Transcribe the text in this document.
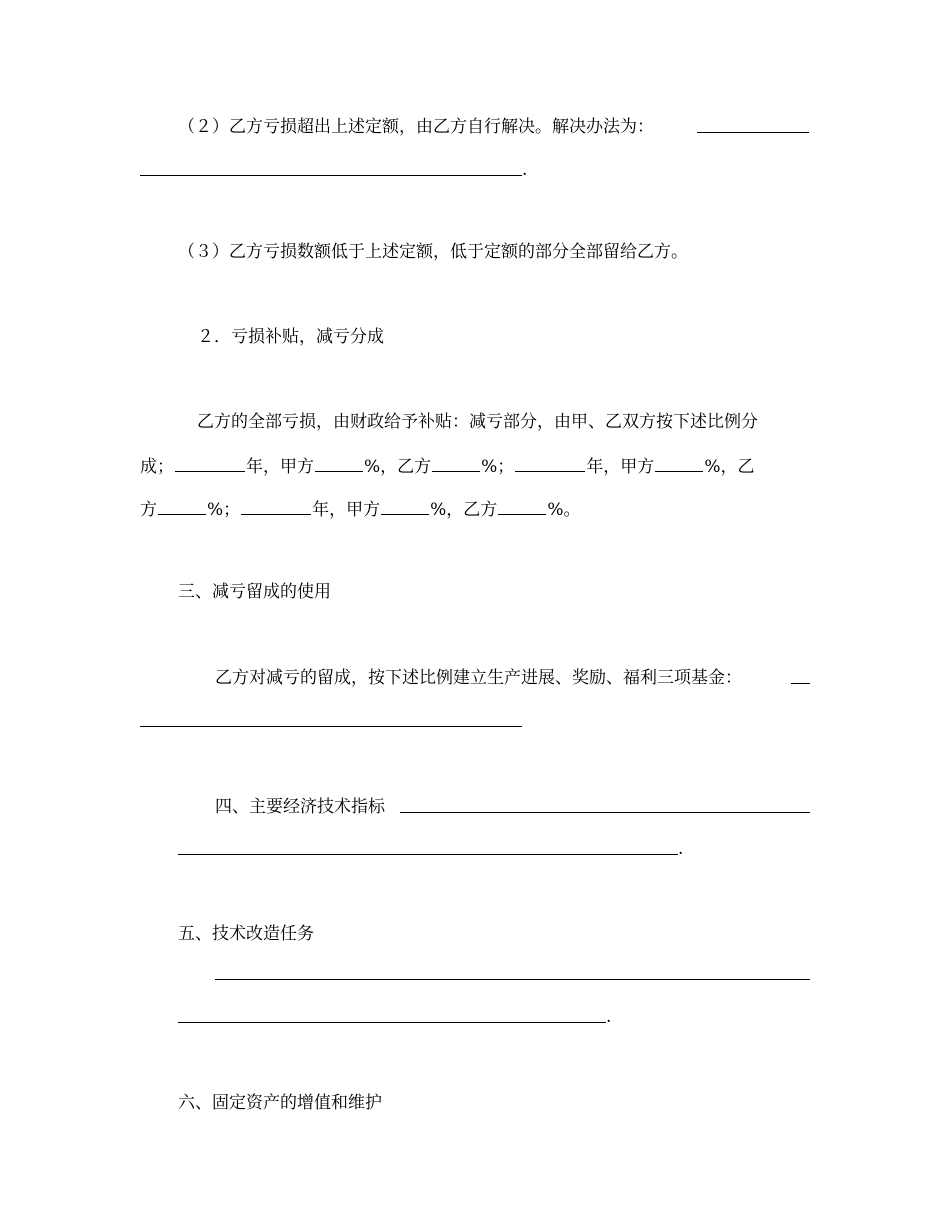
（２）乙方亏损超出上述定额，由乙方自行解决。解决办法为：
.
（３）乙方亏损数额低于上述定额，低于定额的部分全部留给乙方。
２．亏损补贴，减亏分成
乙方的全部亏损，由财政给予补贴：减亏部分，由甲、乙双方按下述比例分
成；	年，甲方	%，乙方	%；	年，甲方	%，乙
方	%；	年，甲方	%，乙方	%。
三、减亏留成的使用
乙方对减亏的留成，按下述比例建立生产进展、奖励、福利三项基金：
四、主要经济技术指标
.
五、技术改造任务
.
六、固定资产的增值和维护
